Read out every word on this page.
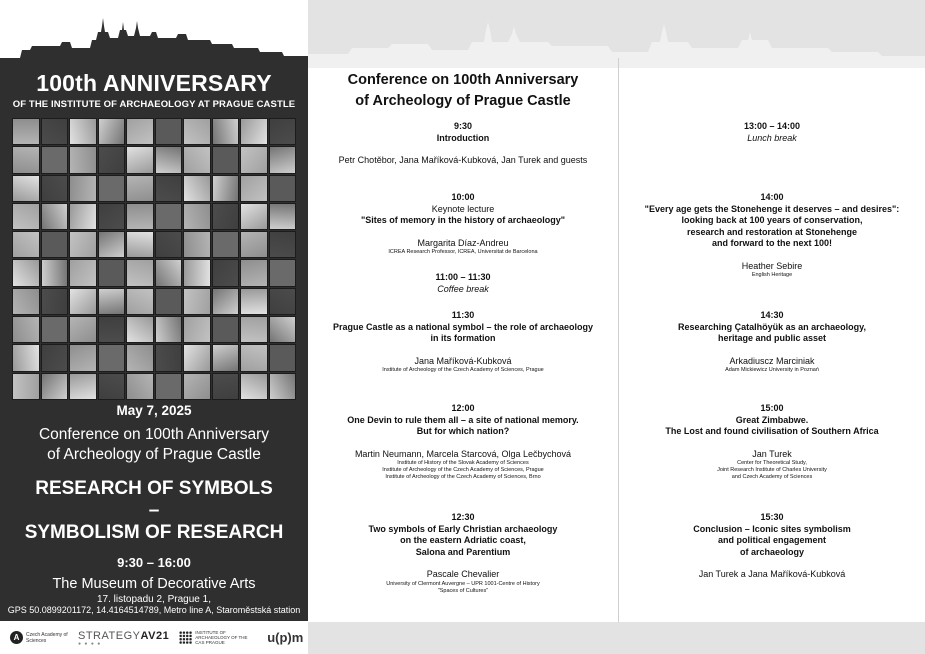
100th ANNIVERSARY
OF THE INSTITUTE OF ARCHAEOLOGY AT PRAGUE CASTLE
May 7, 2025
Conference on 100th Anniversary
of Archeology of Prague Castle
RESEARCH OF SYMBOLS
–
SYMBOLISM OF RESEARCH
9:30 – 16:00
The Museum of Decorative Arts
17. listopadu 2, Prague 1,
GPS 50.0899201172, 14.4164514789, Metro line A, Staroměstská station
A	Czech Academy of Sciences	STRATEGYAV21
● ● ● ●
INSTITUTE OF ARCHAEOLOGY OF THE CAS PRAGUE	u(p)m
Conference on 100th Anniversary
of Archeology of Prague Castle
9:30
Introduction
Petr Chotěbor, Jana Maříková-Kubková, Jan Turek and guests
10:00
Keynote lecture
"Sites of memory in the history of archaeology"
Margarita Díaz-Andreu
ICREA Research Professor, ICREA, Universitat de Barcelona
11:00 – 11:30
Coffee break
11:30
Prague Castle as a national symbol – the role of archaeology
in its formation
Jana Maříková-Kubková
Institute of Archeology of the Czech Academy of Sciences, Prague
12:00
One Devin to rule them all – a site of national memory.
But for which nation?
Martin Neumann, Marcela Starcová, Olga Lečbychová
Institute of History of the Slovak Academy of Sciences
Institute of Archeology of the Czech Academy of Sciences, Prague
Institute of Archeology of the Czech Academy of Sciences, Brno
12:30
Two symbols of Early Christian archaeology
on the eastern Adriatic coast,
Salona and Parentium
Pascale Chevalier
University of Clermont Auvergne – UPR 1001-Centre of History
"Spaces of Cultures"
13:00 – 14:00
Lunch break
14:00
"Every age gets the Stonehenge it deserves – and desires":
looking back at 100 years of conservation,
research and restoration at Stonehenge
and forward to the next 100!
Heather Sebire
English Heritage
14:30
Researching Çatalhöyük as an archaeology,
heritage and public asset
Arkadiuscz Marciniak
Adam Mickiewicz University in Poznań
15:00
Great Zimbabwe.
The Lost and found civilisation of Southern Africa
Jan Turek
Center for Theoretical Study,
Joint Research Institute of Charles University
and Czech Academy of Sciences
15:30
Conclusion – Iconic sites symbolism
and political engagement
of archaeology
Jan Turek a Jana Maříková-Kubková
